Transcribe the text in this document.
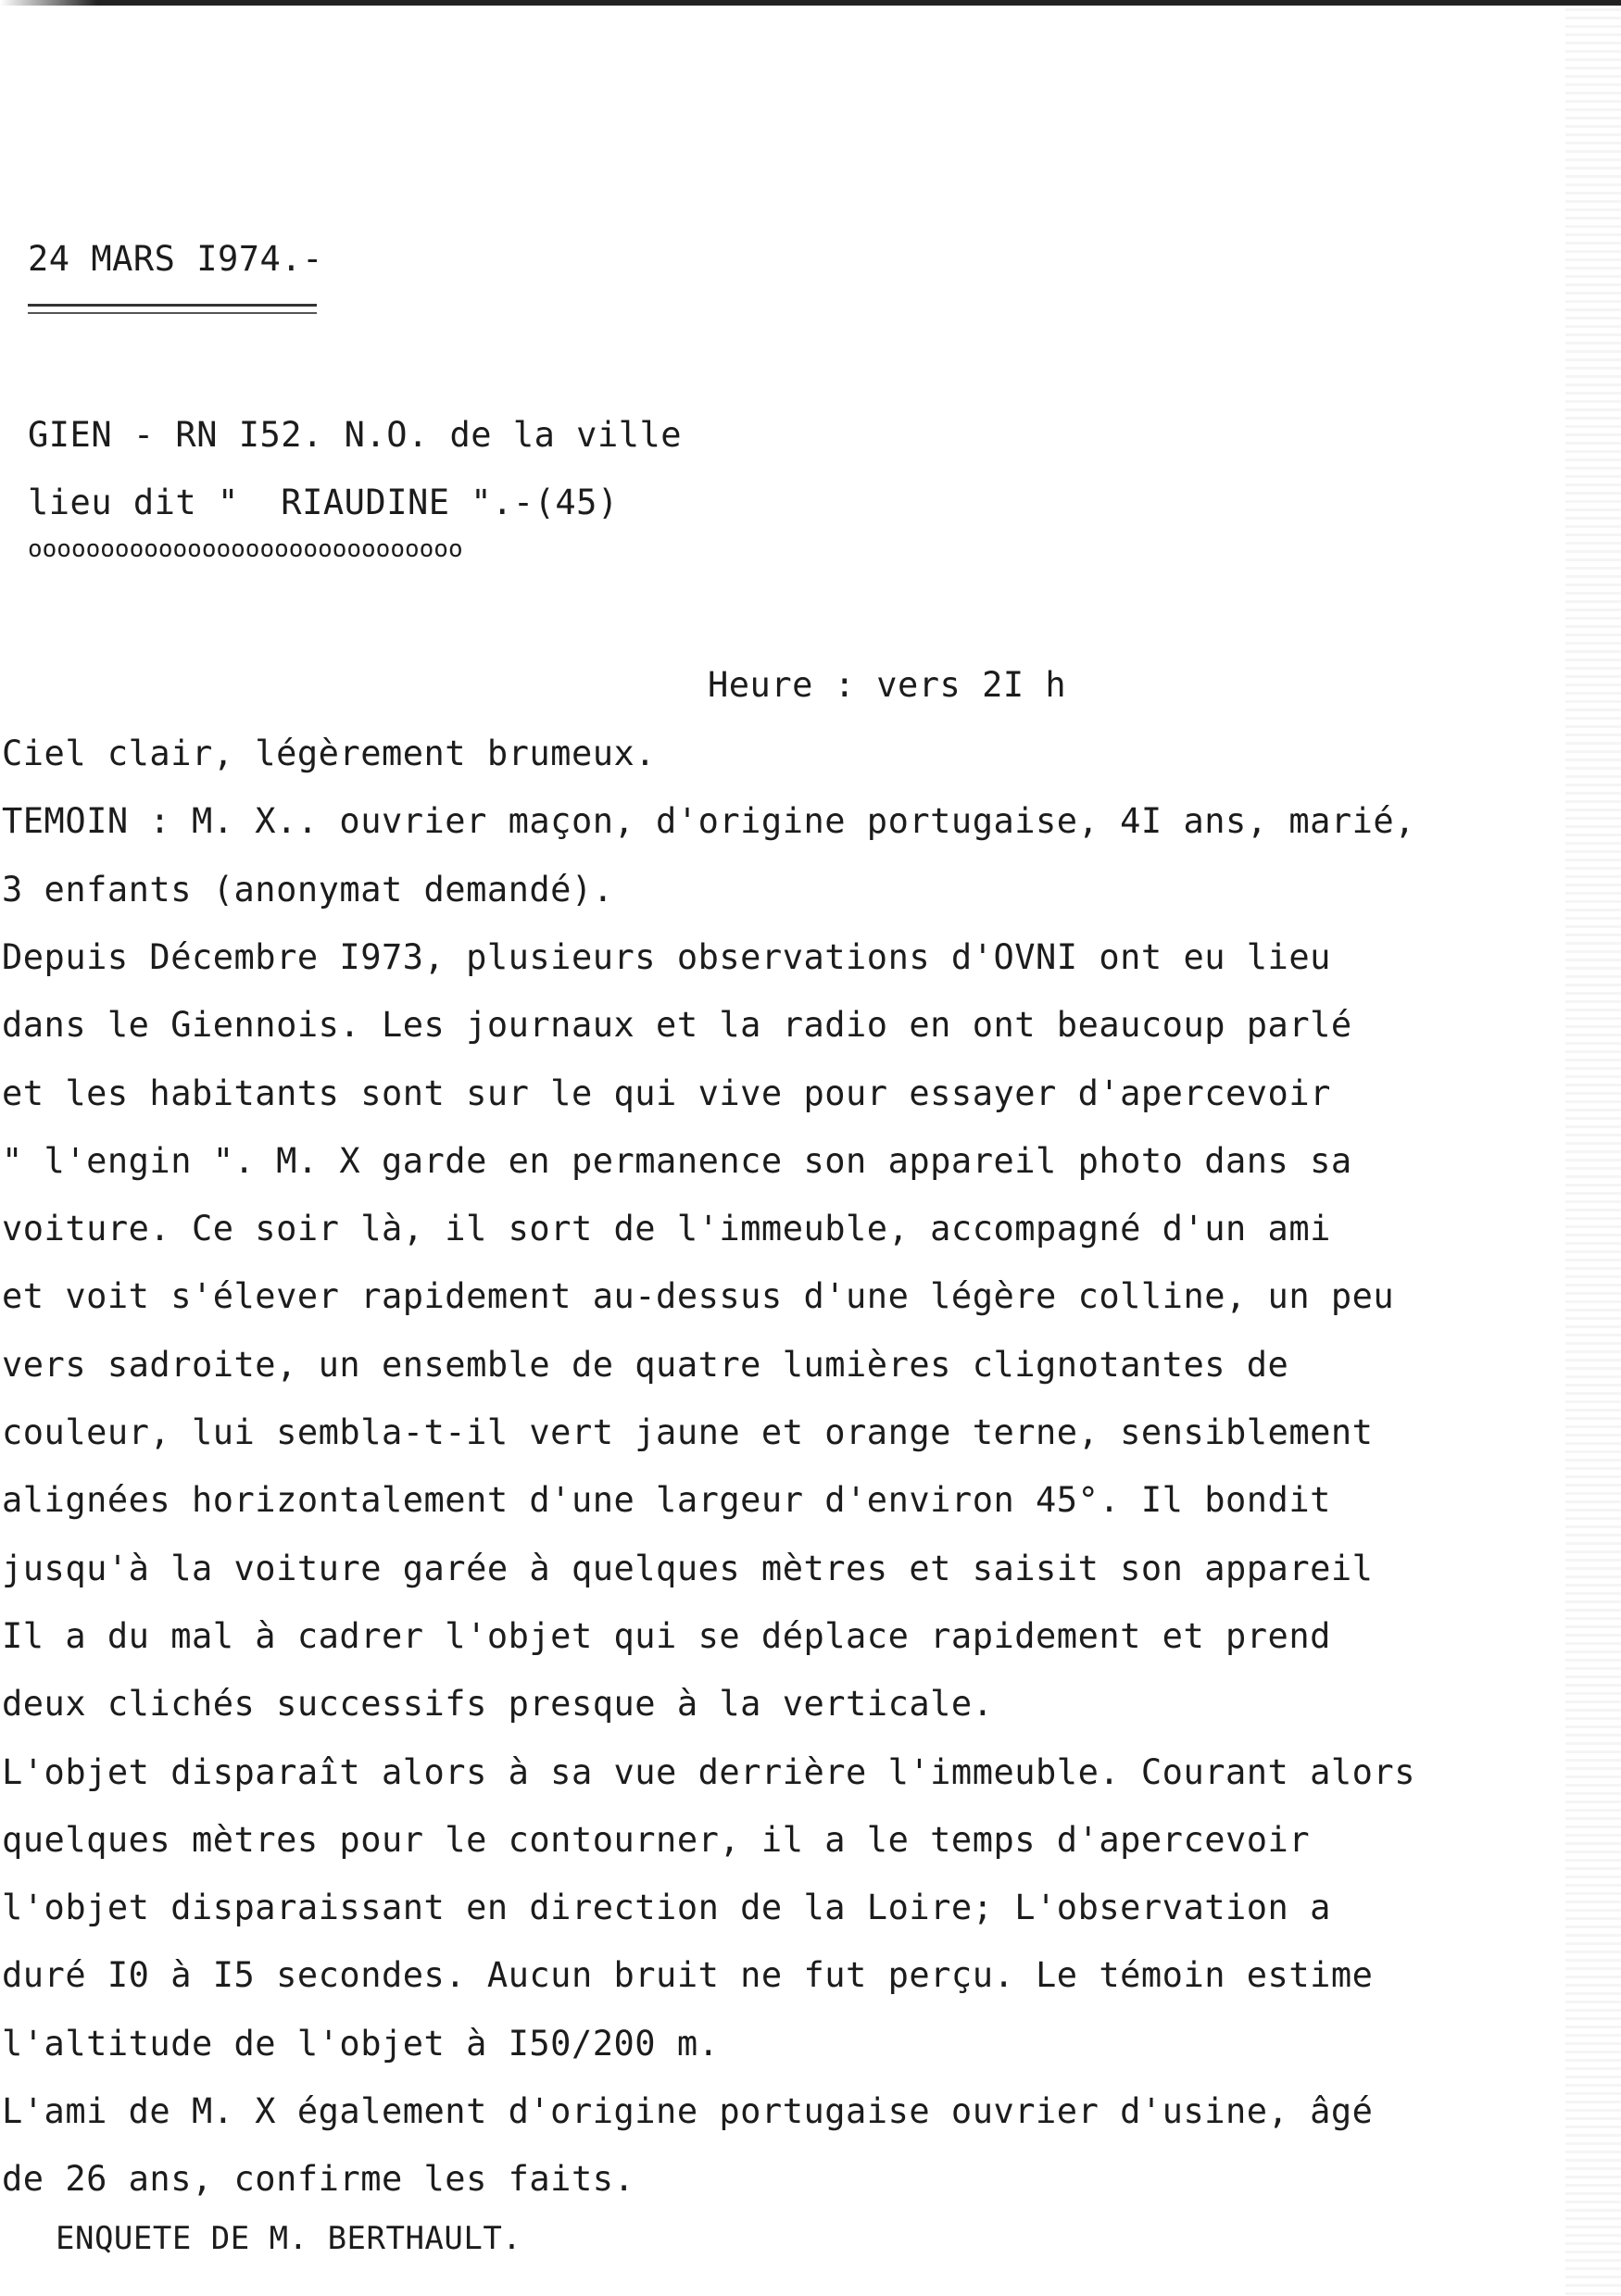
24 MARS I974.-
GIEN - RN I52. N.O. de la ville
lieu dit "  RIAUDINE ".-(45)
oooooooooooooooooooooooooooooo
Heure : vers 2I h
Ciel clair, légèrement brumeux.
TEMOIN : M. X.. ouvrier maçon, d'origine portugaise, 4I ans, marié,
3 enfants (anonymat demandé).
Depuis Décembre I973, plusieurs observations d'OVNI ont eu lieu
dans le Giennois. Les journaux et la radio en ont beaucoup parlé
et les habitants sont sur le qui vive pour essayer d'apercevoir
" l'engin ". M. X garde en permanence son appareil photo dans sa
voiture. Ce soir là, il sort de l'immeuble, accompagné d'un ami
et voit s'élever rapidement au-dessus d'une légère colline, un peu
vers sadroite, un ensemble de quatre lumières clignotantes de
couleur, lui sembla-t-il vert jaune et orange terne, sensiblement
alignées horizontalement d'une largeur d'environ 45°. Il bondit
jusqu'à la voiture garée à quelques mètres et saisit son appareil
Il a du mal à cadrer l'objet qui se déplace rapidement et prend
deux clichés successifs presque à la verticale.
L'objet disparaît alors à sa vue derrière l'immeuble. Courant alors
quelques mètres pour le contourner, il a le temps d'apercevoir
l'objet disparaissant en direction de la Loire; L'observation a
duré I0 à I5 secondes. Aucun bruit ne fut perçu. Le témoin estime
l'altitude de l'objet à I50/200 m.
L'ami de M. X également d'origine portugaise ouvrier d'usine, âgé
de 26 ans, confirme les faits.
ENQUETE DE M. BERTHAULT.
